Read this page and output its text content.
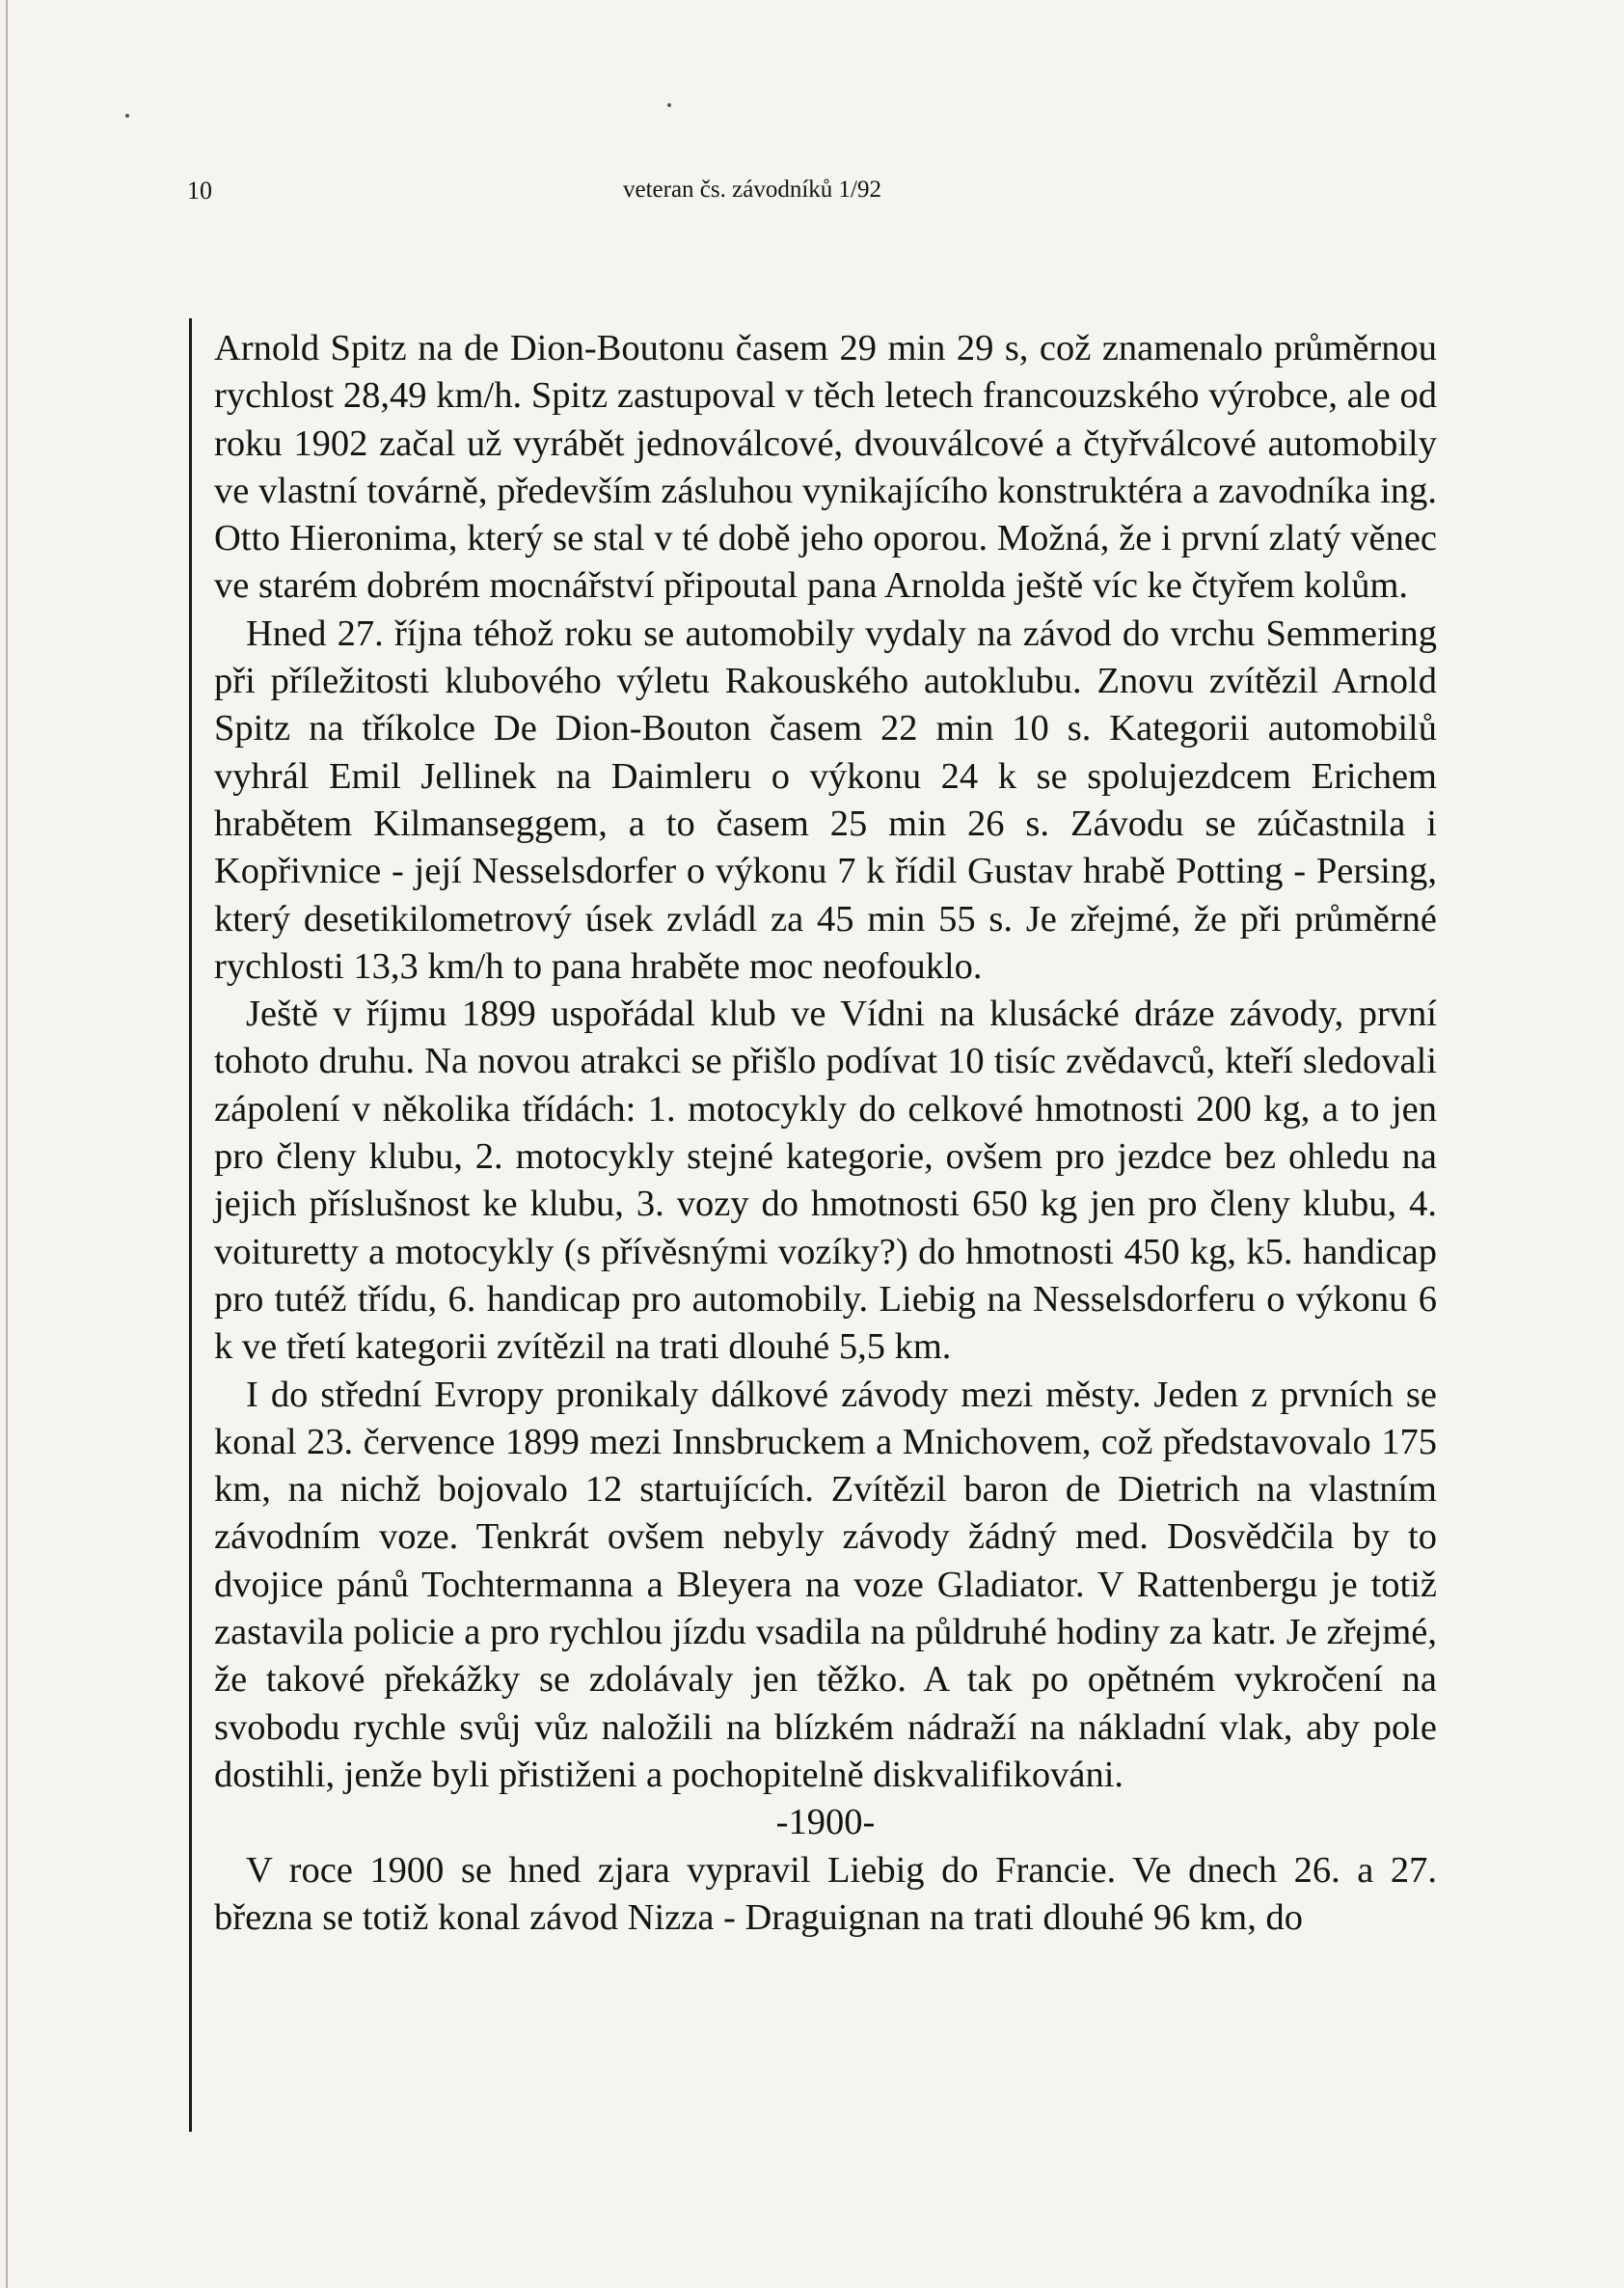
10	veteran čs. závodníků 1/92

Arnold Spitz na de Dion-Boutonu časem 29 min 29 s, což znamenalo průměrnou rychlost 28,49 km/h. Spitz zastupoval v těch letech francouzského výrobce, ale od roku 1902 začal už vyrábět jednoválcové, dvouválcové a čtyřválcové automobily ve vlastní továrně, především zásluhou vynikajícího konstruktéra a zavodníka ing. Otto Hieronima, který se stal v té době jeho oporou. Možná, že i první zlatý věnec ve starém dobrém mocnářství připoutal pana Arnolda ještě víc ke čtyřem kolům.

Hned 27. října téhož roku se automobily vydaly na závod do vrchu Semmering při příležitosti klubového výletu Rakouského autoklubu. Znovu zvítězil Arnold Spitz na tříkolce De Dion-Bouton časem 22 min 10 s. Kategorii automobilů vyhrál Emil Jellinek na Daimleru o výkonu 24 k se spolujezdcem Erichem hrabětem Kilmanseggem, a to časem 25 min 26 s. Závodu se zúčastnila i Kopřivnice - její Nesselsdorfer o výkonu 7 k řídil Gustav hrabě Potting - Persing, který desetikilometrový úsek zvládl za 45 min 55 s. Je zřejmé, že při průměrné rychlosti 13,3 km/h to pana hraběte moc neofouklo.

Ještě v říjmu 1899 uspořádal klub ve Vídni na klusácké dráze závody, první tohoto druhu. Na novou atrakci se přišlo podívat 10 tisíc zvědavců, kteří sledovali zápolení v několika třídách: 1. motocykly do celkové hmotnosti 200 kg, a to jen pro členy klubu, 2. motocykly stejné kategorie, ovšem pro jezdce bez ohledu na jejich příslušnost ke klubu, 3. vozy do hmotnosti 650 kg jen pro členy klubu, 4. voituretty a motocykly (s přívěsnými vozíky?) do hmotnosti 450 kg, k5. handicap pro tutéž třídu, 6. handicap pro automobily. Liebig na Nesselsdorferu o výkonu 6 k ve třetí kategorii zvítězil na trati dlouhé 5,5 km.

I do střední Evropy pronikaly dálkové závody mezi městy. Jeden z prvních se konal 23. července 1899 mezi Innsbruckem a Mnichovem, což představovalo 175 km, na nichž bojovalo 12 startujících. Zvítězil baron de Dietrich na vlastním závodním voze. Tenkrát ovšem nebyly závody žádný med. Dosvědčila by to dvojice pánů Tochtermanna a Bleyera na voze Gladiator. V Rattenbergu je totiž zastavila policie a pro rychlou jízdu vsadila na půldruhé hodiny za katr. Je zřejmé, že takové překážky se zdolávaly jen těžko. A tak po opětném vykročení na svobodu rychle svůj vůz naložili na blízkém nádraží na nákladní vlak, aby pole dostihli, jenže byli přistiženi a pochopitelně diskvalifikováni.

-1900-

V roce 1900 se hned zjara vypravil Liebig do Francie. Ve dnech 26. a 27. března se totiž konal závod Nizza - Draguignan na trati dlouhé 96 km, do
